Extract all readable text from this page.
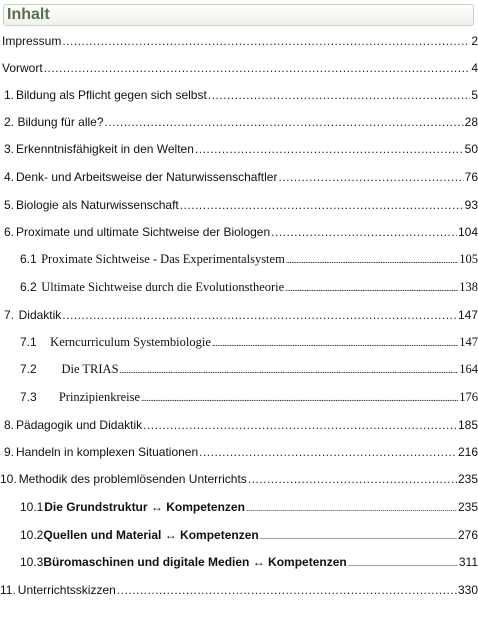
Inhalt
Impressum .....	2
Vorwort .....	4
1. Bildung als Pflicht gegen sich selbst .....	5
2. Bildung für alle? .....	28
3. Erkenntnisfähigkeit in den Welten .....	50
4. Denk- und Arbeitsweise der Naturwissenschaftler .....	76
5. Biologie als Naturwissenschaft .....	93
6. Proximate und ultimate Sichtweise der Biologen .....	104
6.1 Proximate Sichtweise - Das Experimentalsystem .....	105
6.2 Ultimate Sichtweise durch die Evolutionstheorie .....	138
7. Didaktik .....	147
7.1	Kerncurriculum Systembiologie .....	147
7.2	Die TRIAS .....	164
7.3	Prinzipienkreise .....	176
8. Pädagogik und Didaktik .....	185
9. Handeln in komplexen Situationen .....	216
10. Methodik des problemlösenden Unterrichts .....	235
10.1 Die Grundstruktur ↔ Kompetenzen .....	235
10.2 Quellen und Material ↔ Kompetenzen .....	276
10.3 Büromaschinen und digitale Medien ↔ Kompetenzen .....	311
11. Unterrichtsskizzen .....	330
